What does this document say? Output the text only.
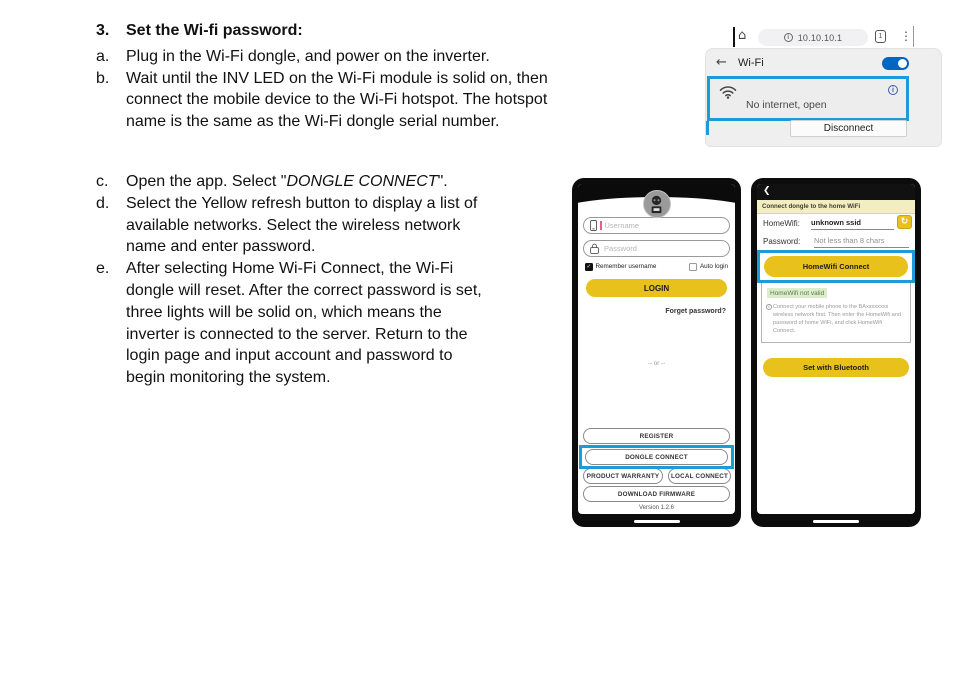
3. Set the Wi-fi password:
a. Plug in the Wi-Fi dongle, and power on the inverter.
b. Wait until the INV LED on the Wi-Fi module is solid on, then
connect the mobile device to the Wi-Fi hotspot. The hotspot
name is the same as the Wi-Fi dongle serial number.
c. Open the app. Select "DONGLE CONNECT".
d. Select the Yellow refresh button to display a list of
available networks. Select the wireless network
name and enter password.
e. After selecting Home Wi-Fi Connect, the Wi-Fi
dongle will reset. After the correct password is set,
three lights will be solid on, which means the
inverter is connected to the server. Return to the
login page and input account and password to
begin monitoring the system.
⌂	i 10.10.10.1	1 ⋮
← Wi-Fi
No internet, open
i
Disconnect
Username
Password
✓ Remember username	Auto login
LOGIN
Forget password?
-- or --
REGISTER
DONGLE CONNECT
PRODUCT WARRANTY	LOCAL CONNECT
DOWNLOAD FIRMWARE
Version 1.2.6
❮
Connect dongle to the home WiFi
HomeWifi: unknown ssid	↻
Password: Not less than 8 chars
HomeWifi Connect
HomeWifi not valid
i Connect your mobile phone to the BAxxxxxxxx wireless network first. Then enter the HomeWifi and password of home WiFi, and click HomeWifi Connect.
Set with Bluetooth
